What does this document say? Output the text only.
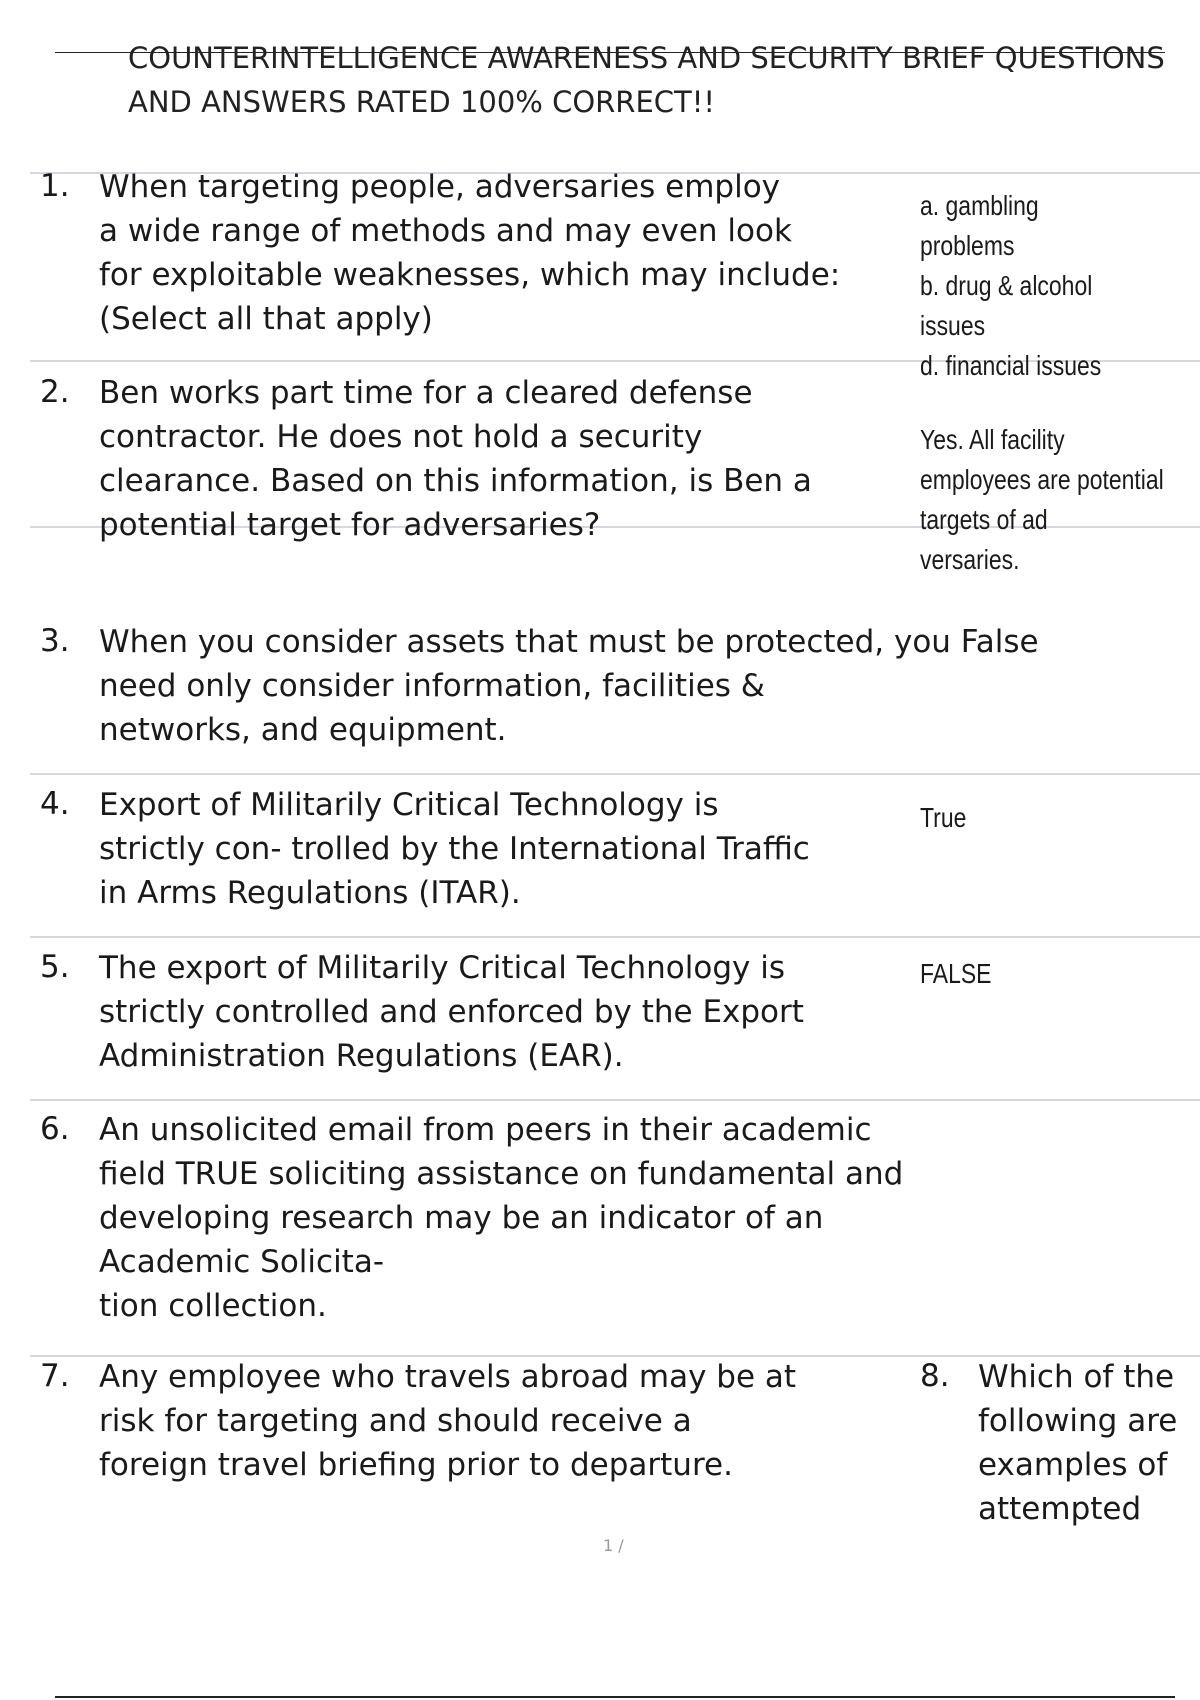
COUNTERINTELLIGENCE AWARENESS AND SECURITY BRIEF QUESTIONS
AND ANSWERS RATED 100% CORRECT!!
1. When targeting people, adversaries employ
a wide range of methods and may even look
for exploitable weaknesses, which may include:
(Select all that apply)
a. gambling
problems
b. drug & alcohol
issues
d. financial issues
2. Ben works part time for a cleared defense
contractor. He does not hold a security
clearance. Based on this information, is Ben a
potential target for adversaries?
Yes. All facility
employees are potential
targets of ad
versaries.
3. When you consider assets that must be protected, you False
need only consider information, facilities &
networks, and equipment.
4. Export of Militarily Critical Technology is
strictly con- trolled by the International Traffic
in Arms Regulations (ITAR).
True
5. The export of Militarily Critical Technology is
strictly controlled and enforced by the Export
Administration Regulations (EAR).
FALSE
6. An unsolicited email from peers in their academic
field TRUE soliciting assistance on fundamental and
developing research may be an indicator of an
Academic Solicita-
tion collection.
7. Any employee who travels abroad may be at
risk for targeting and should receive a
foreign travel briefing prior to departure.
8. Which of the
following are
examples of
attempted
1 /
